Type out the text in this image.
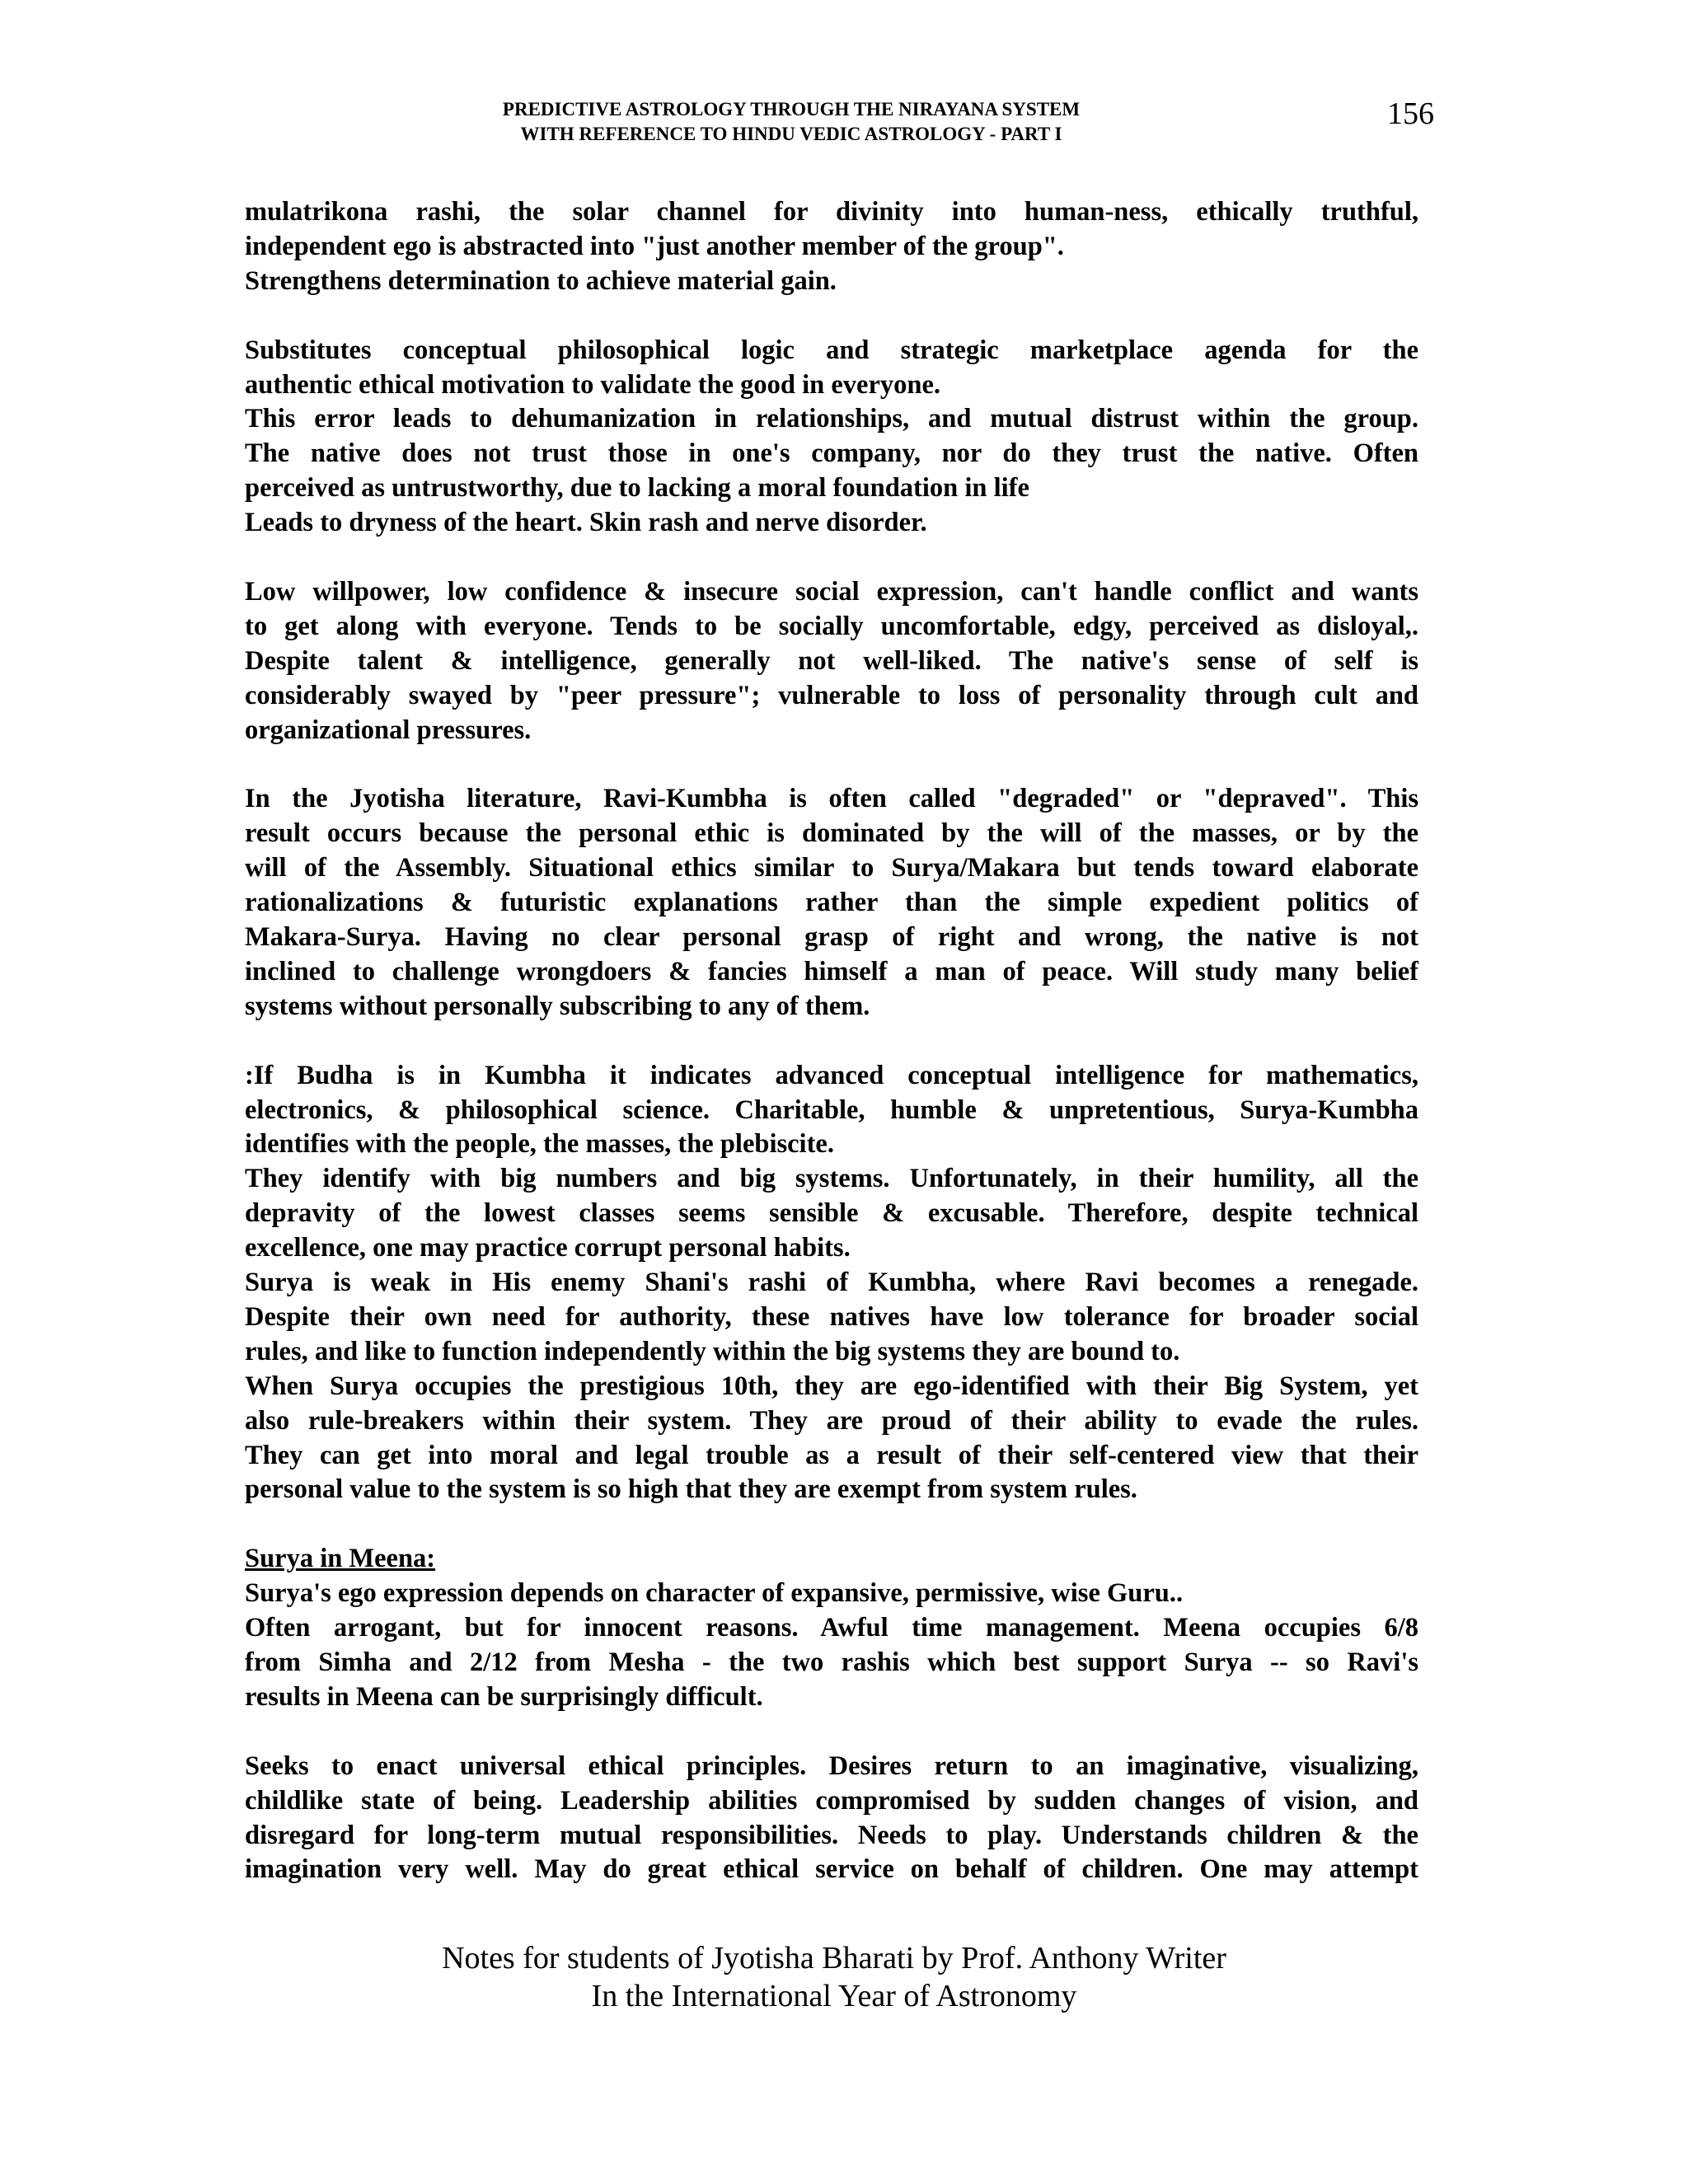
PREDICTIVE ASTROLOGY THROUGH THE NIRAYANA SYSTEM
WITH REFERENCE TO HINDU VEDIC ASTROLOGY - PART I
156
mulatrikona rashi, the solar channel for divinity into human-ness, ethically truthful,
independent ego is abstracted into "just another member of the group".
Strengthens determination to achieve material gain.
Substitutes conceptual philosophical logic and strategic marketplace agenda for the
authentic ethical motivation to validate the good in everyone.
This error leads to dehumanization in relationships, and mutual distrust within the group.
The native does not trust those in one's company, nor do they trust the native. Often
perceived as untrustworthy, due to lacking a moral foundation in life
Leads to dryness of the heart. Skin rash and nerve disorder.
Low willpower, low confidence & insecure social expression, can't handle conflict and wants
to get along with everyone. Tends to be socially uncomfortable, edgy, perceived as disloyal,.
Despite talent & intelligence, generally not well-liked. The native's sense of self is
considerably swayed by "peer pressure"; vulnerable to loss of personality through cult and
organizational pressures.
In the Jyotisha literature, Ravi-Kumbha is often called "degraded" or "depraved". This
result occurs because the personal ethic is dominated by the will of the masses, or by the
will of the Assembly. Situational ethics similar to Surya/Makara but tends toward elaborate
rationalizations & futuristic explanations rather than the simple expedient politics of
Makara-Surya. Having no clear personal grasp of right and wrong, the native is not
inclined to challenge wrongdoers & fancies himself a man of peace. Will study many belief
systems without personally subscribing to any of them.
:If Budha is in Kumbha it indicates advanced conceptual intelligence for mathematics,
electronics, & philosophical science. Charitable, humble & unpretentious, Surya-Kumbha
identifies with the people, the masses, the plebiscite.
They identify with big numbers and big systems. Unfortunately, in their humility, all the
depravity of the lowest classes seems sensible & excusable. Therefore, despite technical
excellence, one may practice corrupt personal habits.
Surya is weak in His enemy Shani's rashi of Kumbha, where Ravi becomes a renegade.
Despite their own need for authority, these natives have low tolerance for broader social
rules, and like to function independently within the big systems they are bound to.
When Surya occupies the prestigious 10th, they are ego-identified with their Big System, yet
also rule-breakers within their system. They are proud of their ability to evade the rules.
They can get into moral and legal trouble as a result of their self-centered view that their
personal value to the system is so high that they are exempt from system rules.
Surya in Meena:
Surya's ego expression depends on character of expansive, permissive, wise Guru..
Often arrogant, but for innocent reasons. Awful time management. Meena occupies 6/8
from Simha and 2/12 from Mesha - the two rashis which best support Surya -- so Ravi's
results in Meena can be surprisingly difficult.
Seeks to enact universal ethical principles. Desires return to an imaginative, visualizing,
childlike state of being. Leadership abilities compromised by sudden changes of vision, and
disregard for long-term mutual responsibilities. Needs to play. Understands children & the
imagination very well. May do great ethical service on behalf of children. One may attempt
Notes for students of Jyotisha Bharati by Prof. Anthony Writer
In the International Year of Astronomy
